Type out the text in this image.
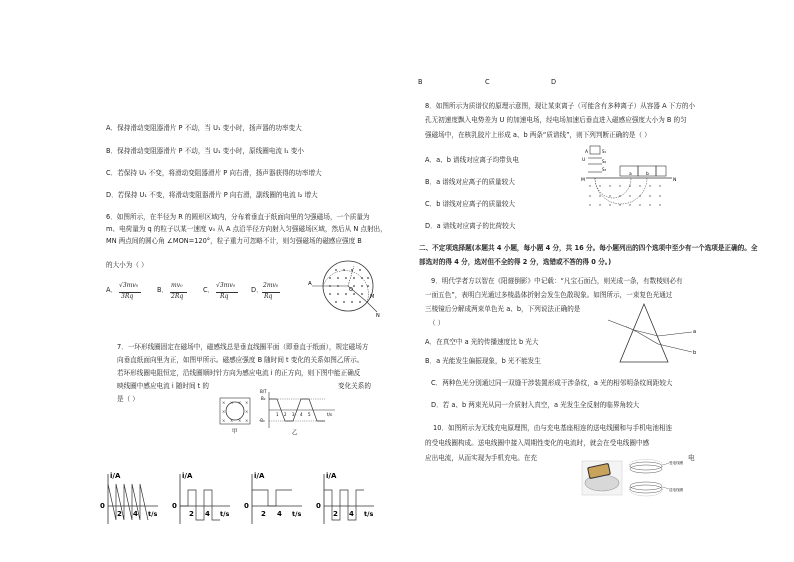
A．保持滑动变阻器滑片 P 不动，当 U₁ 变小时，扬声器的功率变大
B．保持滑动变阻器滑片 P 不动，当 U₁ 变小时，原线圈电流 I₁ 变小
C．若保持 U₁ 不变，将滑动变阻器滑片 P 向右滑，扬声器获得的功率增大
D．若保持 U₁ 不变，将滑动变阻器滑片 P 向右滑，副线圈的电流 I₂ 增大
6．如图所示，在半径为 R 的圆形区域内，分布着垂直于纸面向里的匀强磁场，一个质量为
m、电荷量为 q 的粒子以某一速度 v₀ 从 A 点沿半径方向射入匀强磁场区域，然后从 N 点射出，
MN 两点间的圆心角 ∠MON=120°，粒子重力可忽略不计，则匀强磁场的磁感应强度 B
的大小为（ ）
A．
√3mv₀
3Rq
B．
mv₀
2Rq
C．
√3mv₀
Rq
D．
2mv₀
Rq
A
O
M
N
7．一环形线圈固定在磁场中，磁感线总是垂直线圈平面（即垂直于纸面），规定磁场方
向垂直纸面向里为正，如图甲所示。磁感应强度 B 随时间 t 变化的关系如图乙所示。
若环形线圈电阻恒定，沿线圈顺时针方向为感应电流 i 的正方向，则下图中能正确反
映线圈中感应电流 i 随时间 t 的	变化关系的
是（ ）	× × × ×
×	×
× × × ×
甲
B/T
B₀
-B₀
t/s
1 2 3 4 5
乙
i/A
0
t/s
2 4
i/A
0
t/s
2 4
i/A
0
t/s
2 4
i/A
0
t/s
2 4
B	C	D
8．如图所示为质谱仪的原理示意图，现让某束离子（可能含有多种离子）从容器 A 下方的小
孔无初速度飘入电势差为 U 的加速电场，经电场加速后垂直进入磁感应强度大小为 B 的匀
强磁场中，在核乳胶片上形成 a、b 两条“质谱线”，则下列判断正确的是（ ）
A．a、b 谱线对应离子均带负电
B．a 谱线对应离子的质量较大
C．b 谱线对应离子的质量较大
D．a 谱线对应离子的比荷较大
A	S₁
U	S₂
S₃
M	N
a	b
二、不定项选择题(本题共 4 小题，每小题 4 分，共 16 分。每小题列出的四个选项中至少有一个选项是正确的。全
部选对的得 4 分，选对但不全的得 2 分，选错或不答的得 0 分。)
9．明代学者方以智在《阳燧倒影》中记载：“凡宝石面凸，则光成一条，有数棱则必有
一面五色”，表明白光通过多棱晶体折射会发生色散现象。如图所示，一束复色光通过
三棱镜后分解成两束单色光 a、b，下列说法正确的是
（ ）
A．在真空中 a 光的传播速度比 b 光大
B．a 光能发生偏振现象，b 光不能发生
C．两种色光分别通过同一双缝干涉装置形成干涉条纹，a 光的相邻明条纹间距较大
D．若 a、b 两束光从同一介质射入真空，a 光发生全反射的临界角较大
a
b
10．如图所示为无线充电原理图，由与充电基座相连的送电线圈和与手机电池相连
的受电线圈构成。送电线圈中接入周期性变化的电流时，就会在受电线圈中感
应出电流，从而实现为手机充电。在充	电
受电线圈
送电线圈
